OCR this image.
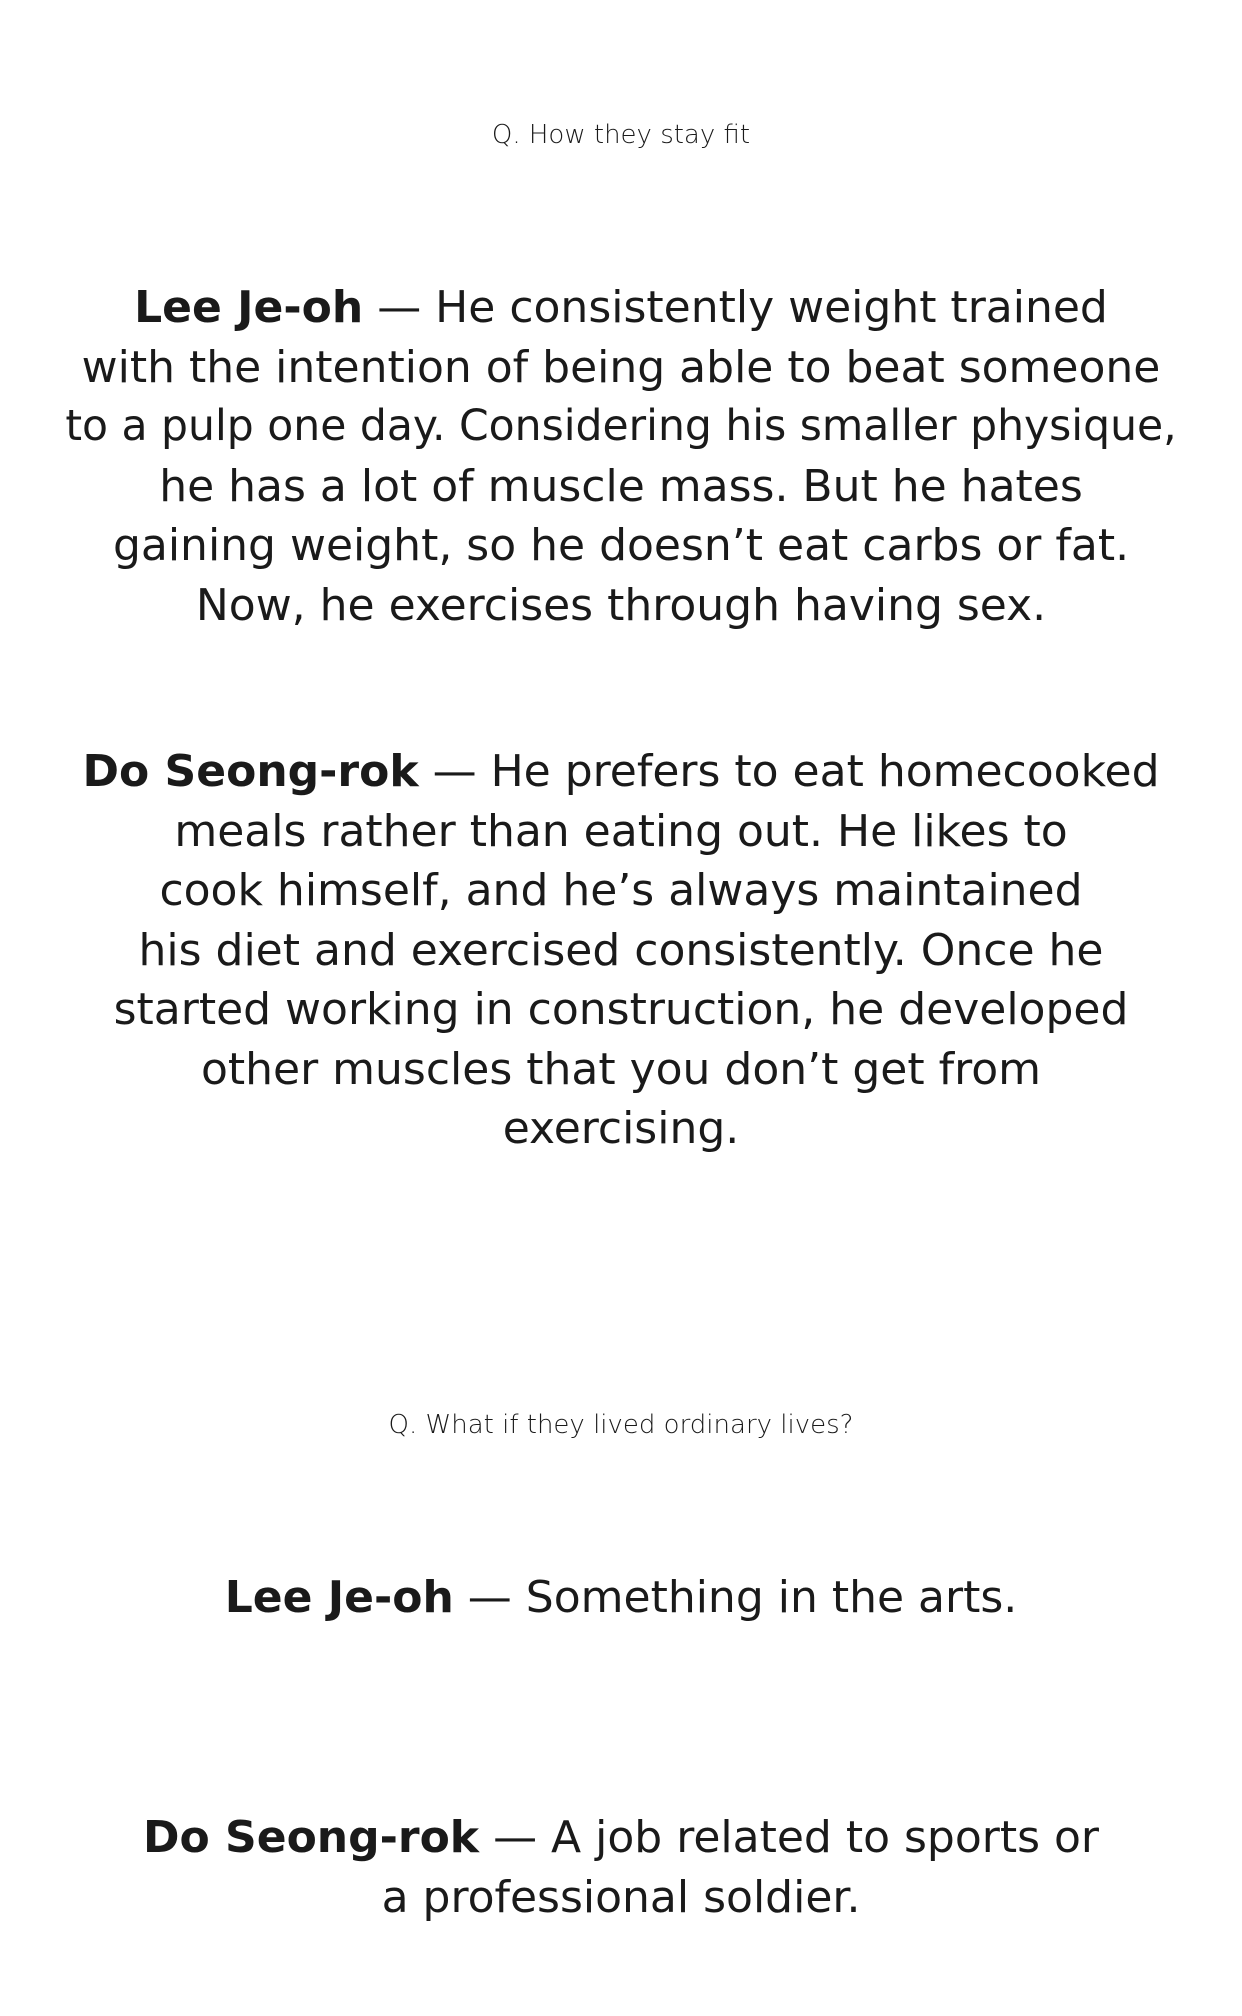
Q. How they stay fit

Lee Je-oh — He consistently weight trained
with the intention of being able to beat someone
to a pulp one day. Considering his smaller physique,
he has a lot of muscle mass. But he hates
gaining weight, so he doesn’t eat carbs or fat.
Now, he exercises through having sex.

Do Seong-rok — He prefers to eat homecooked
meals rather than eating out. He likes to
cook himself, and he’s always maintained
his diet and exercised consistently. Once he
started working in construction, he developed
other muscles that you don’t get from
exercising.

Q. What if they lived ordinary lives?

Lee Je-oh — Something in the arts.

Do Seong-rok — A job related to sports or
a professional soldier.
